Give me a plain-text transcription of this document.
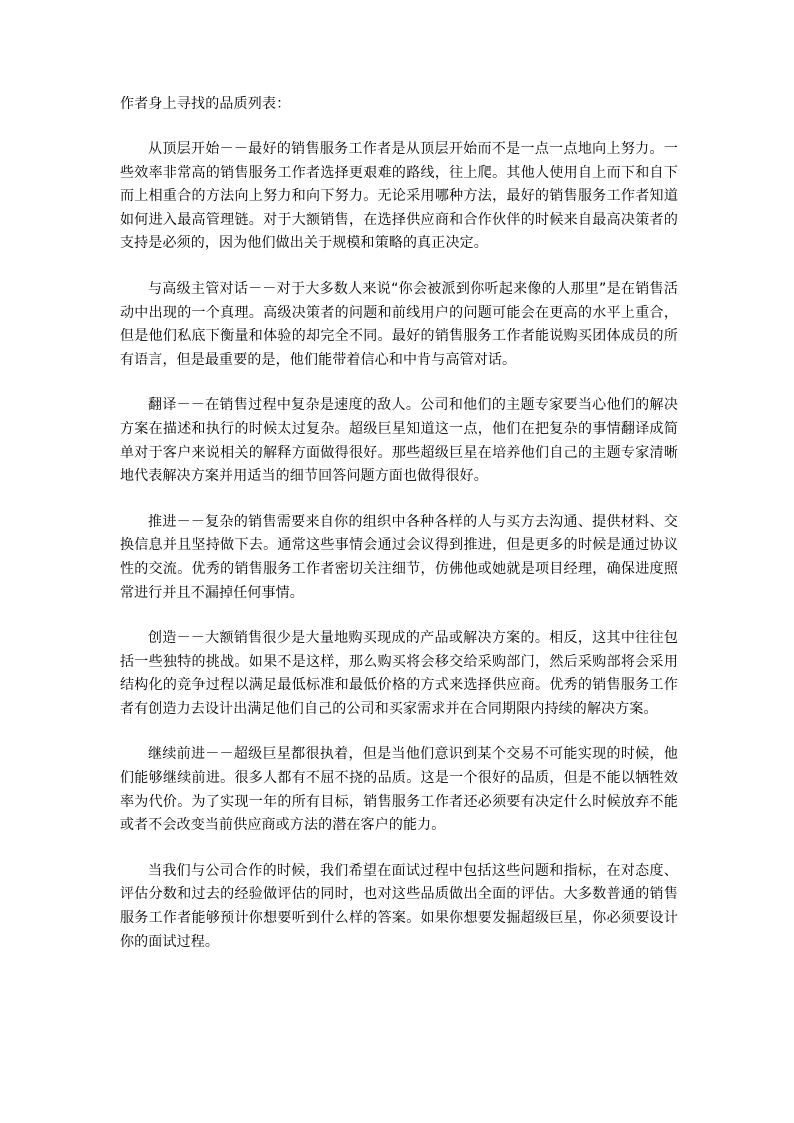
作者身上寻找的品质列表：

从顶层开始－－最好的销售服务工作者是从顶层开始而不是一点一点地向上努力。一些效率非常高的销售服务工作者选择更艰难的路线，往上爬。其他人使用自上而下和自下而上相重合的方法向上努力和向下努力。无论采用哪种方法，最好的销售服务工作者知道如何进入最高管理链。对于大额销售，在选择供应商和合作伙伴的时候来自最高决策者的支持是必须的，因为他们做出关于规模和策略的真正决定。

与高级主管对话－－对于大多数人来说“你会被派到你听起来像的人那里”是在销售活动中出现的一个真理。高级决策者的问题和前线用户的问题可能会在更高的水平上重合，但是他们私底下衡量和体验的却完全不同。最好的销售服务工作者能说购买团体成员的所有语言，但是最重要的是，他们能带着信心和中肯与高管对话。

翻译－－在销售过程中复杂是速度的敌人。公司和他们的主题专家要当心他们的解决方案在描述和执行的时候太过复杂。超级巨星知道这一点，他们在把复杂的事情翻译成简单对于客户来说相关的解释方面做得很好。那些超级巨星在培养他们自己的主题专家清晰地代表解决方案并用适当的细节回答问题方面也做得很好。

推进－－复杂的销售需要来自你的组织中各种各样的人与买方去沟通、提供材料、交换信息并且坚持做下去。通常这些事情会通过会议得到推进，但是更多的时候是通过协议性的交流。优秀的销售服务工作者密切关注细节，仿佛他或她就是项目经理，确保进度照常进行并且不漏掉任何事情。

创造－－大额销售很少是大量地购买现成的产品或解决方案的。相反，这其中往往包括一些独特的挑战。如果不是这样，那么购买将会移交给采购部门，然后采购部将会采用结构化的竞争过程以满足最低标准和最低价格的方式来选择供应商。优秀的销售服务工作者有创造力去设计出满足他们自己的公司和买家需求并在合同期限内持续的解决方案。

继续前进－－超级巨星都很执着，但是当他们意识到某个交易不可能实现的时候，他们能够继续前进。很多人都有不屈不挠的品质。这是一个很好的品质，但是不能以牺牲效率为代价。为了实现一年的所有目标，销售服务工作者还必须要有决定什么时候放弃不能或者不会改变当前供应商或方法的潜在客户的能力。

当我们与公司合作的时候，我们希望在面试过程中包括这些问题和指标，在对态度、评估分数和过去的经验做评估的同时，也对这些品质做出全面的评估。大多数普通的销售服务工作者能够预计你想要听到什么样的答案。如果你想要发掘超级巨星，你必须要设计你的面试过程。
